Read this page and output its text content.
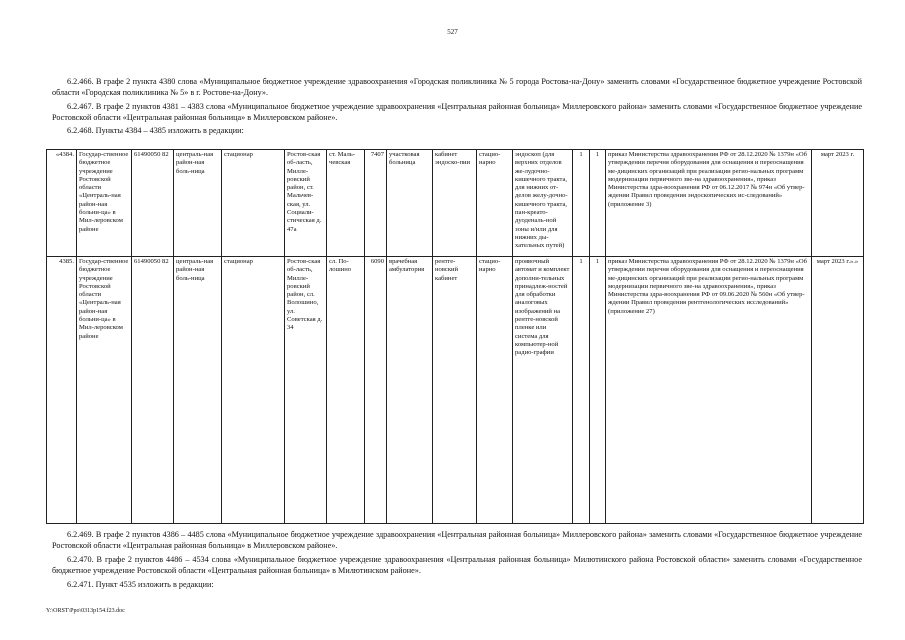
527
6.2.466. В графе 2 пункта 4380 слова «Муниципальное бюджетное учреждение здравоохранения «Городская поликлиника № 5 города Ростова-на-Дону» заменить словами «Государственное бюджетное учреждение Ростовской области «Городская поликлиника № 5» в г. Ростове-на-Дону».
6.2.467. В графе 2 пунктов 4381 – 4383 слова «Муниципальное бюджетное учреждение здравоохранения «Центральная районная больница» Миллеровского района» заменить словами «Государственное бюджетное учреждение Ростовской области «Центральная районная больница» в Миллеровском районе».
6.2.468. Пункты 4384 – 4385 изложить в редакции:
«4384.	Государ-ственное бюджетное учреждение Ростовской области «Централь-ная район-ная больни-ца» в Мил-леровском районе	61490050 82	централь-ная район-ная боль-ница	стационар	Ростов-ская об-ласть, Милле-ровский район, ст. Мальчев-ская, ул. Социали-стическая д. 47а	ст. Маль-чевская	7407	участковая больница	кабинет эндоско-пии	стацио-нарно	эндоскоп (для верхних отделов же-лудочно-кишечного тракта, для нижних от-делов желу-дочно-кишечного тракта, пан-креато-дуоденаль-ной зоны и/или для нижних ды-хательных путей)	1	1	приказ Министерства здравоохранения РФ от 28.12.2020 № 1379н «Об утверждении перечня оборудования для оснащения и переоснащения ме-дицинских организаций при реализации регио-нальных программ модернизации первичного зве-на здравоохранения», приказ Министерства здра-воохранения РФ от 06.12.2017 № 974н «Об утвер-ждении Правил проведения эндоскопических ис-следований» (приложение 3)	март 2023 г.
4385.	Государ-ственное бюджетное учреждение Ростовской области «Централь-ная район-ная больни-ца» в Мил-леровском районе	61490050 82	централь-ная район-ная боль-ница	стационар	Ростов-ская об-ласть, Милле-ровский район, сл. Волошино, ул. Советская д. 34	сл. По-лошино	6090	врачебная амбулатория	рентге-новский кабинет	стацио-нарно	проявочный автомат и комплект дополни-тельных принадлеж-ностей для обработки аналоговых изображений на рентге-новской пленке или система для компьютер-ной радио-графии	1	1	приказ Министерства здравоохранения РФ от 28.12.2020 № 1379н «Об утверждении перечня оборудования для оснащения и переоснащения ме-дицинских организаций при реализации регио-нальных программ модернизации первичного зве-на здравоохранения», приказ Министерства здра-воохранения РФ от 09.06.2020 № 560н «Об утвер-ждении Правил проведения рентгенологических исследований» (приложение 27)	март 2023 г.».»
6.2.469. В графе 2 пунктов 4386 – 4485 слова «Муниципальное бюджетное учреждение здравоохранения «Центральная районная больница» Миллеровского района» заменить словами «Государственное бюджетное учреждение Ростовской области «Центральная районная больница» в Миллеровском районе».
6.2.470. В графе 2 пунктов 4486 – 4534 слова «Муниципальное бюджетное учреждение здравоохранения «Центральная районная больница» Милютинского района Ростовской области» заменить словами «Государственное бюджетное учреждение Ростовской области «Центральная районная больница» в Милютинском районе».
6.2.471. Пункт 4535 изложить в редакции:
Y:\ORST\Ppo\0313p154.f23.doc
